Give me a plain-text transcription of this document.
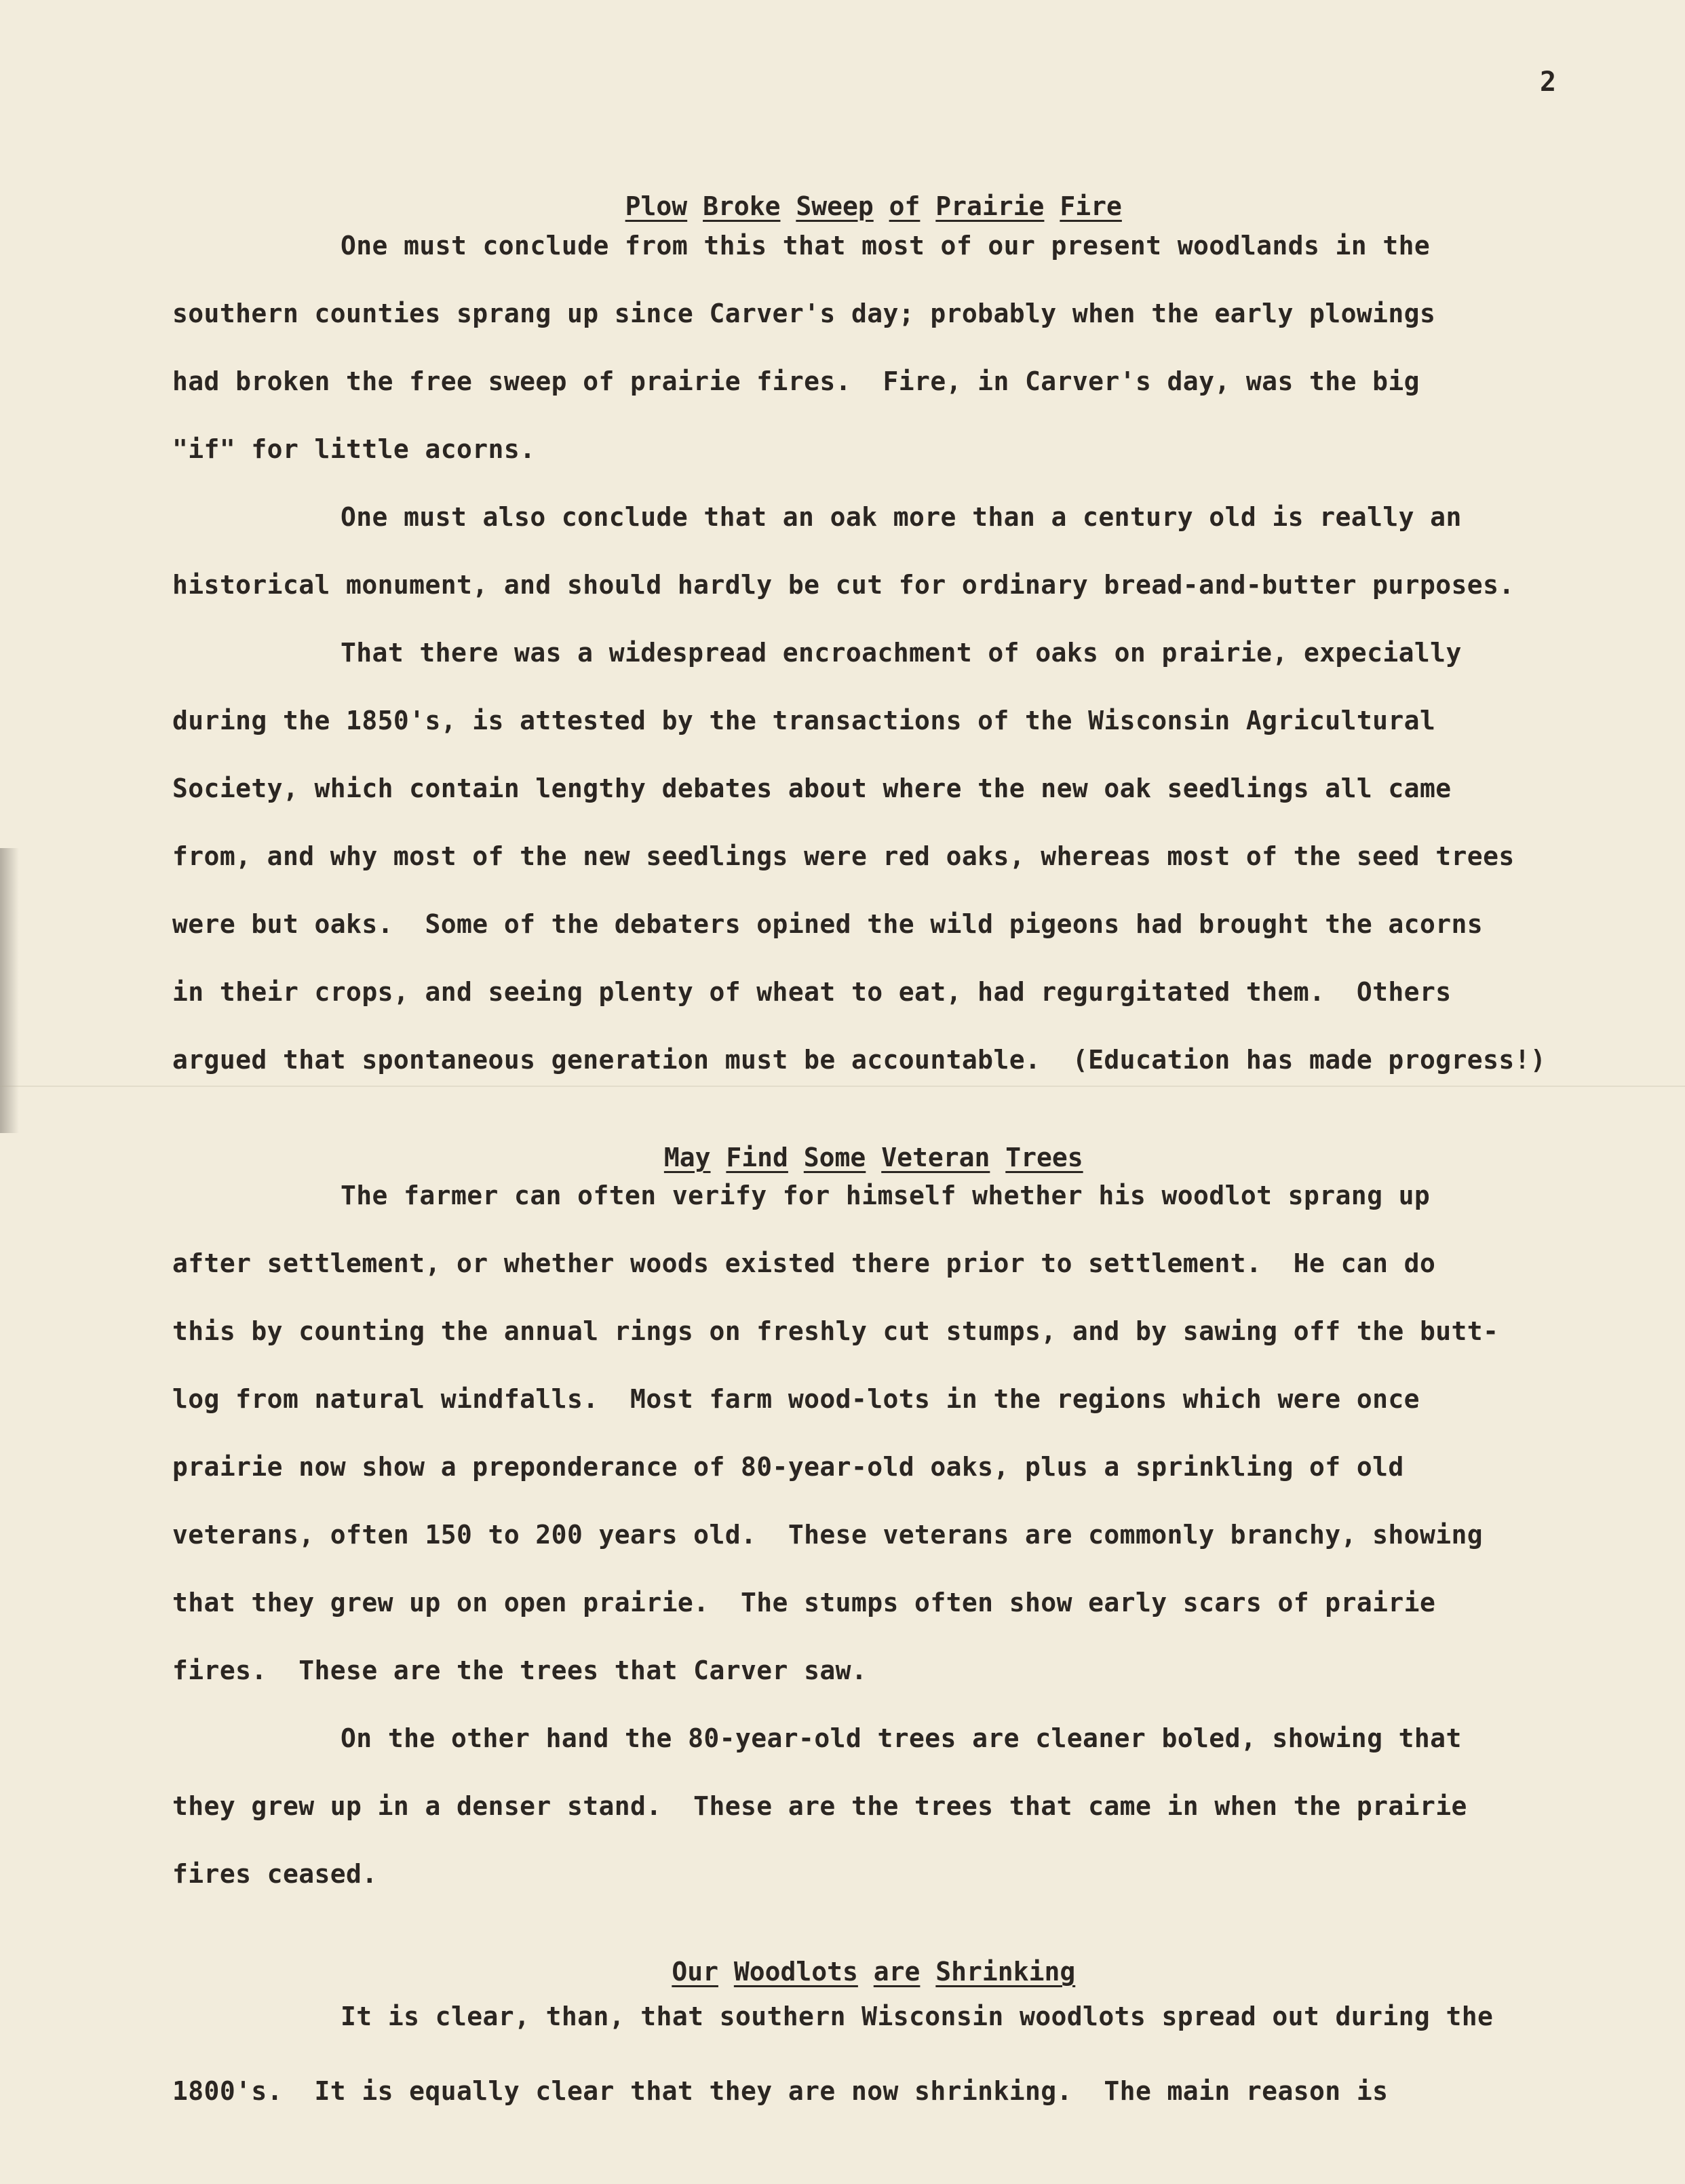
2

Plow Broke Sweep of Prairie Fire

One must conclude from this that most of our present woodlands in the
southern counties sprang up since Carver's day; probably when the early plowings
had broken the free sweep of prairie fires.  Fire, in Carver's day, was the big
"if" for little acorns.
One must also conclude that an oak more than a century old is really an
historical monument, and should hardly be cut for ordinary bread-and-butter purposes.
That there was a widespread encroachment of oaks on prairie, expecially
during the 1850's, is attested by the transactions of the Wisconsin Agricultural
Society, which contain lengthy debates about where the new oak seedlings all came
from, and why most of the new seedlings were red oaks, whereas most of the seed trees
were but oaks.  Some of the debaters opined the wild pigeons had brought the acorns
in their crops, and seeing plenty of wheat to eat, had regurgitated them.  Others
argued that spontaneous generation must be accountable.  (Education has made progress!)

May Find Some Veteran Trees

The farmer can often verify for himself whether his woodlot sprang up
after settlement, or whether woods existed there prior to settlement.  He can do
this by counting the annual rings on freshly cut stumps, and by sawing off the butt-
log from natural windfalls.  Most farm wood-lots in the regions which were once
prairie now show a preponderance of 80-year-old oaks, plus a sprinkling of old
veterans, often 150 to 200 years old.  These veterans are commonly branchy, showing
that they grew up on open prairie.  The stumps often show early scars of prairie
fires.  These are the trees that Carver saw.
On the other hand the 80-year-old trees are cleaner boled, showing that
they grew up in a denser stand.  These are the trees that came in when the prairie
fires ceased.

Our Woodlots are Shrinking

It is clear, than, that southern Wisconsin woodlots spread out during the
1800's.  It is equally clear that they are now shrinking.  The main reason is
